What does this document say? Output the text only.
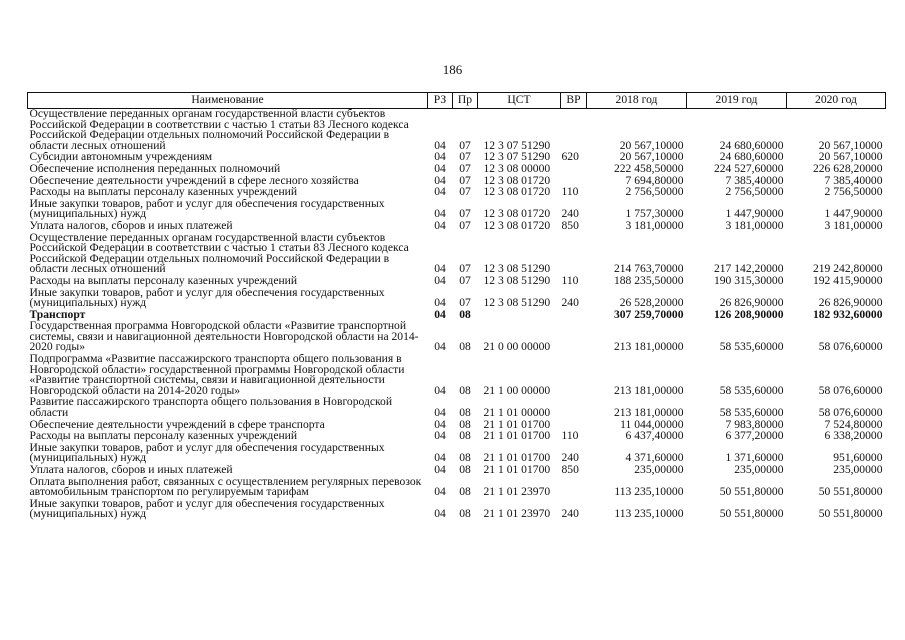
186
Наименование	РЗ	Пр	ЦСТ	ВР	2018 год	2019 год	2020 год
Осуществление переданных органам государственной власти субъектов Российской Федерации в соответствии с частью 1 статьи 83 Лесного кодекса Российской Федерации отдельных полномочий Российской Федерации в области лесных отношений	04	07	12 3 07 51290		20 567,10000	24 680,60000	20 567,10000
Субсидии автономным учреждениям	04	07	12 3 07 51290	620	20 567,10000	24 680,60000	20 567,10000
Обеспечение исполнения переданных полномочий	04	07	12 3 08 00000		222 458,50000	224 527,60000	226 628,20000
Обеспечение деятельности учреждений в сфере лесного хозяйства	04	07	12 3 08 01720		7 694,80000	7 385,40000	7 385,40000
Расходы на выплаты персоналу казенных учреждений	04	07	12 3 08 01720	110	2 756,50000	2 756,50000	2 756,50000
Иные закупки товаров, работ и услуг для обеспечения государственных (муниципальных) нужд	04	07	12 3 08 01720	240	1 757,30000	1 447,90000	1 447,90000
Уплата налогов, сборов и иных платежей	04	07	12 3 08 01720	850	3 181,00000	3 181,00000	3 181,00000
Осуществление переданных органам государственной власти субъектов Российской Федерации в соответствии с частью 1 статьи 83 Лесного кодекса Российской Федерации отдельных полномочий Российской Федерации в области лесных отношений	04	07	12 3 08 51290		214 763,70000	217 142,20000	219 242,80000
Расходы на выплаты персоналу казенных учреждений	04	07	12 3 08 51290	110	188 235,50000	190 315,30000	192 415,90000
Иные закупки товаров, работ и услуг для обеспечения государственных (муниципальных) нужд	04	07	12 3 08 51290	240	26 528,20000	26 826,90000	26 826,90000
Транспорт	04	08			307 259,70000	126 208,90000	182 932,60000
Государственная программа Новгородской области «Развитие транспортной системы, связи и навигационной деятельности Новгородской области на 2014-2020 годы»	04	08	21 0 00 00000		213 181,00000	58 535,60000	58 076,60000
Подпрограмма «Развитие пассажирского транспорта общего пользования в Новгородской области» государственной программы Новгородской области «Развитие транспортной системы, связи и навигационной деятельности Новгородской области на 2014-2020 годы»	04	08	21 1 00 00000		213 181,00000	58 535,60000	58 076,60000
Развитие пассажирского транспорта общего пользования в Новгородской области	04	08	21 1 01 00000		213 181,00000	58 535,60000	58 076,60000
Обеспечение деятельности учреждений в сфере транспорта	04	08	21 1 01 01700		11 044,00000	7 983,80000	7 524,80000
Расходы на выплаты персоналу казенных учреждений	04	08	21 1 01 01700	110	6 437,40000	6 377,20000	6 338,20000
Иные закупки товаров, работ и услуг для обеспечения государственных (муниципальных) нужд	04	08	21 1 01 01700	240	4 371,60000	1 371,60000	951,60000
Уплата налогов, сборов и иных платежей	04	08	21 1 01 01700	850	235,00000	235,00000	235,00000
Оплата выполнения работ, связанных с осуществлением регулярных перевозок автомобильным транспортом по регулируемым тарифам	04	08	21 1 01 23970		113 235,10000	50 551,80000	50 551,80000
Иные закупки товаров, работ и услуг для обеспечения государственных (муниципальных) нужд	04	08	21 1 01 23970	240	113 235,10000	50 551,80000	50 551,80000
